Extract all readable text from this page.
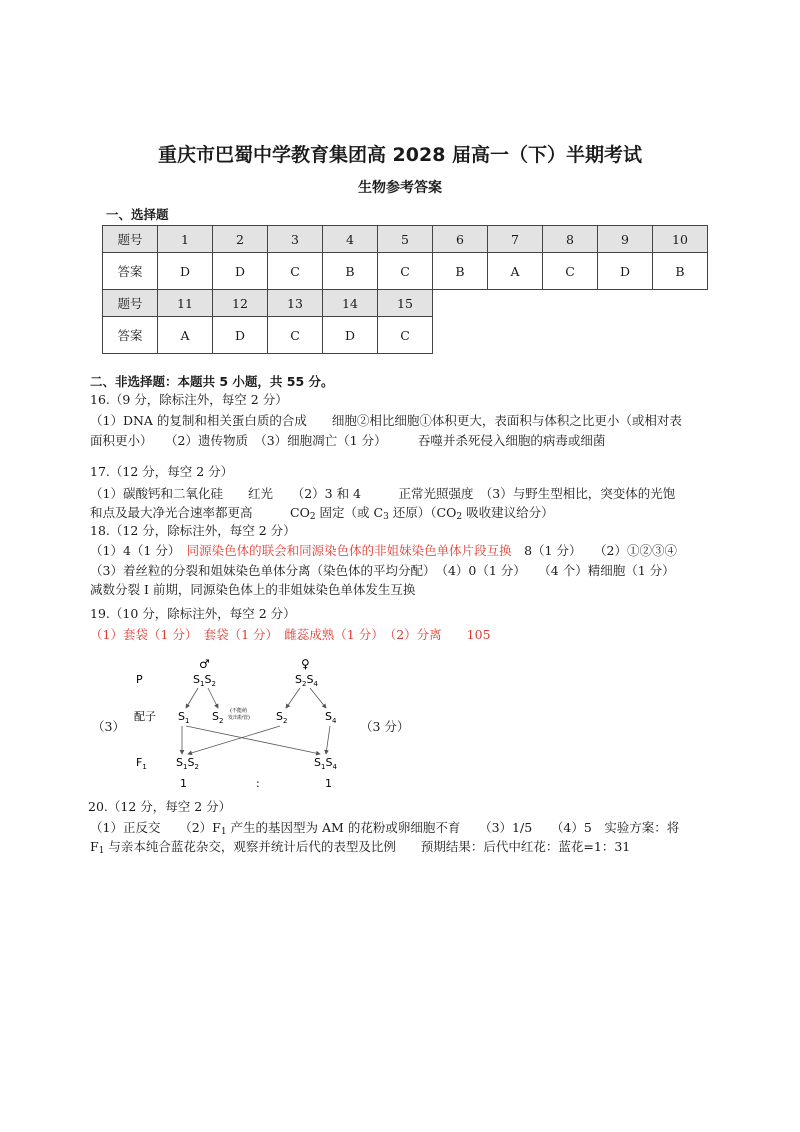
重庆市巴蜀中学教育集团高 2028 届高一（下）半期考试
生物参考答案
一、选择题
题号	1	2	3	4	5	6	7	8	9	10
答案	D	D	C	B	C	B	A	C	D	B
题号	11	12	13	14	15
答案	A	D	C	D	C
二、非选择题：本题共 5 小题，共 55 分。
16.（9 分，除标注外，每空 2 分）
（1）DNA 的复制和相关蛋白质的合成　　细胞②相比细胞①体积更大，表面积与体积之比更小（或相对表
面积更小）　　（2）遗传物质　（3）细胞凋亡（1 分）　　　吞噬并杀死侵入细胞的病毒或细菌
17.（12 分，每空 2 分）
（1）碳酸钙和二氧化硅　　红光　　（2）3 和 4　　　正常光照强度　（3）与野生型相比，突变体的光饱
和点及最大净光合速率都更高　　　$CO_2$ 固定（或 $C_3$ 还原）（$CO_2$ 吸收建议给分）
18.（12 分，除标注外，每空 2 分）
（1）4（1 分）　同源染色体的联会和同源染色体的非姐妹染色单体片段互换　8（1 分）　　（2）①②③④
（3）着丝粒的分裂和姐妹染色单体分离（染色体的平均分配）　（4）0（1 分）　　（4 个）精细胞（1 分）
减数分裂 I 前期，同源染色体上的非姐妹染色单体发生互换
19.（10 分，除标注外，每空 2 分）
（1）套袋（1 分）　套袋（1 分）　雌蕊成熟（1 分）　（2）分离　　105
（3）	（3 分）
P
配子
$F_1$
♂	♀
$S_1S_2$	$S_2S_4$
$S_1$ $S_2$
(不能萌
发出粉管) $S_2$	$S_4$
$S_1S_2$	$S_1S_4$
1	:	1
20.（12 分，每空 2 分）
（1）正反交　　$(2)F_1$ 产生的基因型为 AM 的花粉或卵细胞不育　　（3）1/5　　（4）5　实验方案：将
$F_1$ 与亲本纯合蓝花杂交，观察并统计后代的表型及比例　　预期结果：后代中红花：蓝花=1：31
